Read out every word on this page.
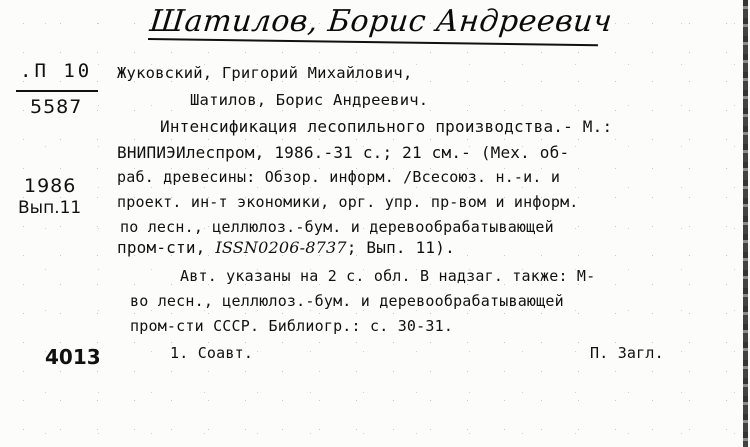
Шатилов, Борис Андреевич
.П 10
5587
1986
Вып.11
4013
Жуковский, Григорий Михайлович,
Шатилов, Борис Андреевич.
Интенсификация лесопильного производства.- М.:
ВНИПИЭИлеспром, 1986.-31 с.; 21 см.- (Мех. об-
раб. древесины: Обзор. информ. /Всесоюз. н.-и. и
проект. ин-т экономики, орг. упр. пр-вом и информ.
по лесн., целлюлоз.-бум. и деревообрабатывающей
пром-сти, ISSN0206-8737; Вып. 11).
Авт. указаны на 2 с. обл. В надзаг. также: М-
во лесн., целлюлоз.-бум. и деревообрабатывающей
пром-сти СССР. Библиогр.: с. 30-31.
1. Соавт.	П. Загл.
